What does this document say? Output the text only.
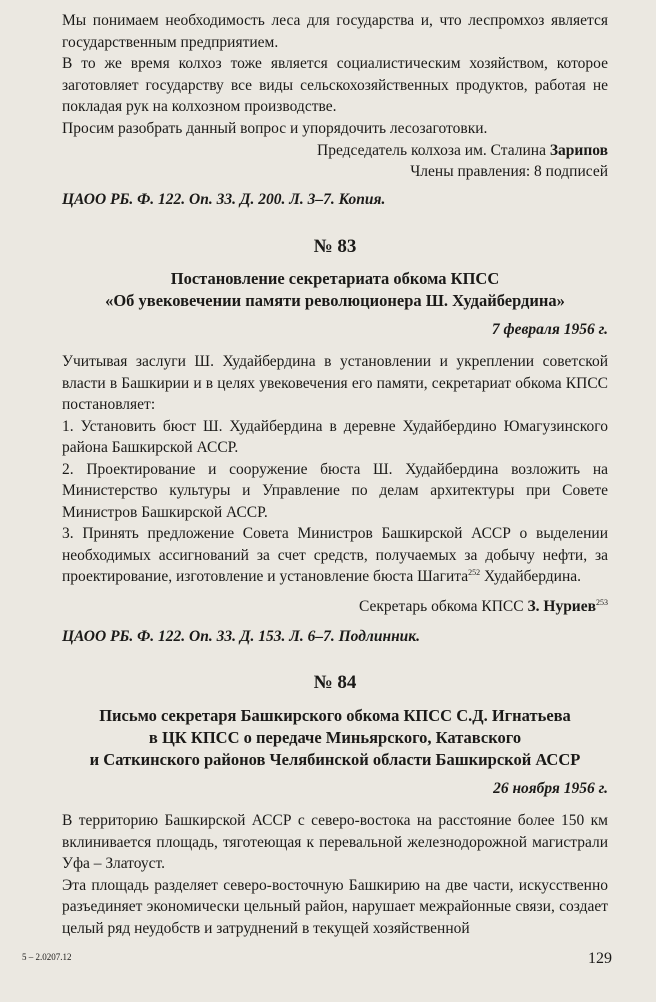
Мы понимаем необходимость леса для государства и, что леспромхоз является государственным предприятием.

В то же время колхоз тоже является социалистическим хозяйством, которое заготовляет государству все виды сельскохозяйственных продуктов, работая не покладая рук на колхозном производстве.

Просим разобрать данный вопрос и упорядочить лесозаготовки.

Председатель колхоза им. Сталина Зарипов
Члены правления: 8 подписей
ЦАОО РБ. Ф. 122. Оп. 33. Д. 200. Л. 3–7. Копия.
№ 83
Постановление секретариата обкома КПСС
«Об увековечении памяти революционера Ш. Худайбердина»
7 февраля 1956 г.

Учитывая заслуги Ш. Худайбердина в установлении и укреплении советской власти в Башкирии и в целях увековечения его памяти, секретариат обкома КПСС постановляет:

1. Установить бюст Ш. Худайбердина в деревне Худайбердино Юмагузинского района Башкирской АССР.

2. Проектирование и сооружение бюста Ш. Худайбердина возложить на Министерство культуры и Управление по делам архитектуры при Совете Министров Башкирской АССР.

3. Принять предложение Совета Министров Башкирской АССР о выделении необходимых ассигнований за счет средств, получаемых за добычу нефти, за проектирование, изготовление и установление бюста Шагита$^{252}$ Худайбердина.

Секретарь обкома КПСС З. Нуриев$^{253}$
ЦАОО РБ. Ф. 122. Оп. 33. Д. 153. Л. 6–7. Подлинник.
№ 84
Письмо секретаря Башкирского обкома КПСС С.Д. Игнатьева
в ЦК КПСС о передаче Миньярского, Катавского
и Саткинского районов Челябинской области Башкирской АССР
26 ноября 1956 г.

В территорию Башкирской АССР с северо-востока на расстояние более 150 км вклинивается площадь, тяготеющая к перевальной железнодорожной магистрали Уфа – Златоуст.

Эта площадь разделяет северо-восточную Башкирию на две части, искусственно разъединяет экономически цельный район, нарушает межрайонные связи, создает целый ряд неудобств и затруднений в текущей хозяйственной

5 – 2.0207.12	129
